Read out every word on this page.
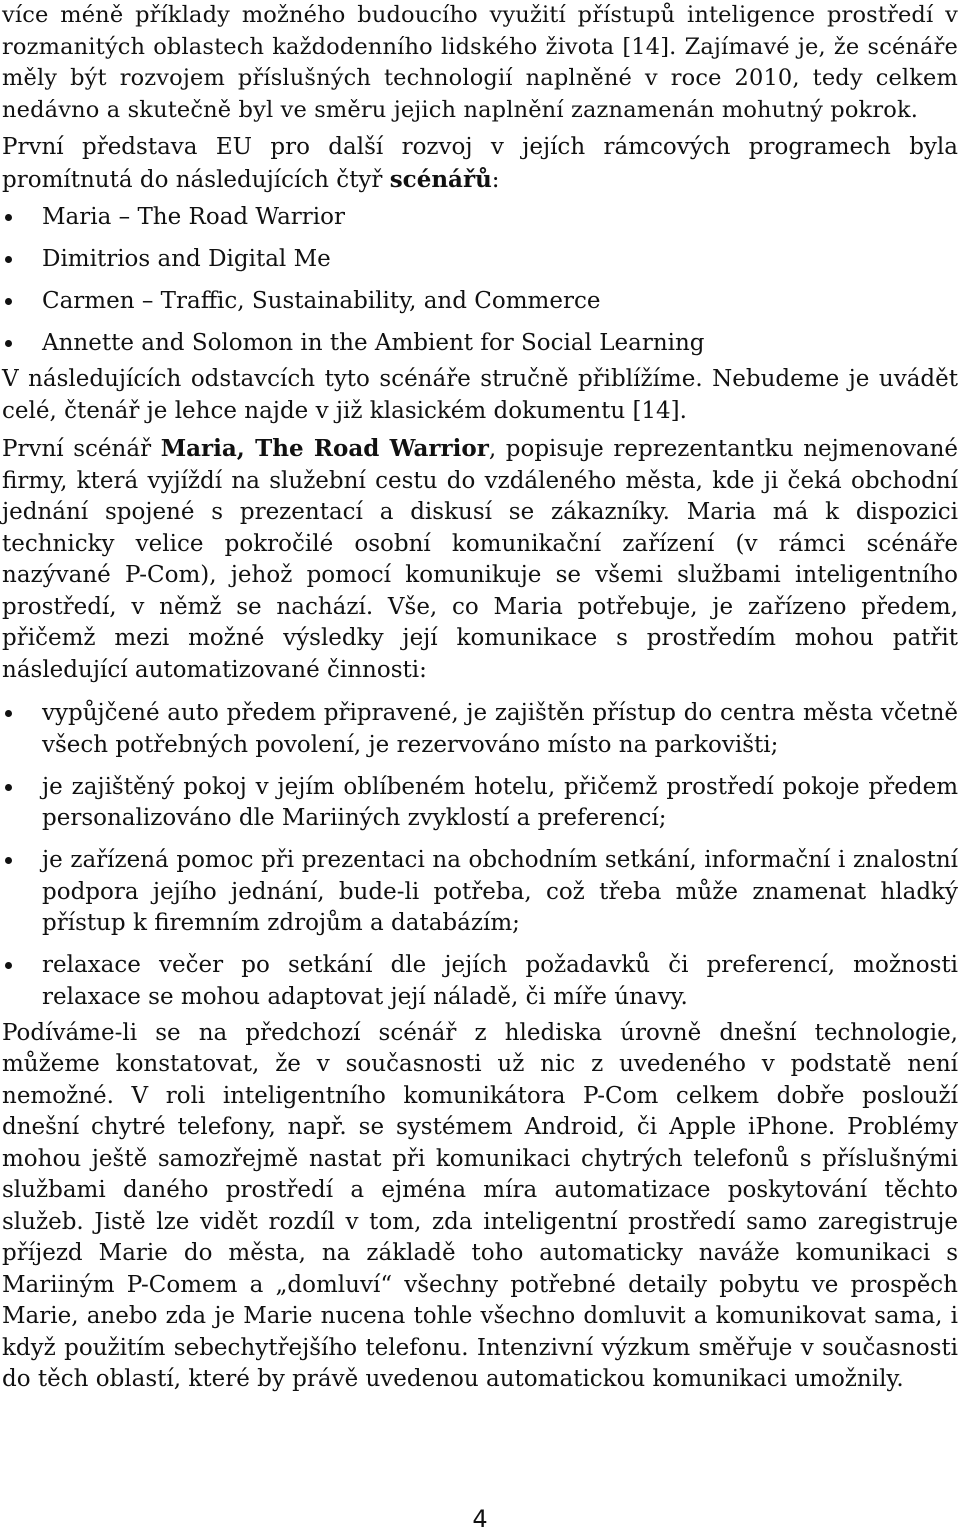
více méně příklady možného budoucího využití přístupů inteligence prostředí v rozmanitých oblastech každodenního lidského života [14]. Zajímavé je, že scénáře měly být rozvojem příslušných technologií naplněné v roce 2010, tedy celkem nedávno a skutečně byl ve směru jejich naplnění zaznamenán mohutný pokrok.

První představa EU pro další rozvoj v jejích rámcových programech byla promítnutá do následujících čtyř scénářů:

Maria – The Road Warrior
Dimitrios and Digital Me
Carmen – Traffic, Sustainability, and Commerce
Annette and Solomon in the Ambient for Social Learning

V následujících odstavcích tyto scénáře stručně přiblížíme. Nebudeme je uvádět celé, čtenář je lehce najde v již klasickém dokumentu [14].

První scénář Maria, The Road Warrior, popisuje reprezentantku nejmenované firmy, která vyjíždí na služební cestu do vzdáleného města, kde ji čeká obchodní jednání spojené s prezentací a diskusí se zákazníky. Maria má k dispozici technicky velice pokročilé osobní komunikační zařízení (v rámci scénáře nazývané P-Com), jehož pomocí komunikuje se všemi službami inteligentního prostředí, v němž se nachází. Vše, co Maria potřebuje, je zařízeno předem, přičemž mezi možné výsledky její komunikace s prostředím mohou patřit následující automatizované činnosti:

vypůjčené auto předem připravené, je zajištěn přístup do centra města včetně všech potřebných povolení, je rezervováno místo na parkovišti;
je zajištěný pokoj v jejím oblíbeném hotelu, přičemž prostředí pokoje předem personalizováno dle Mariiných zvyklostí a preferencí;
je zařízená pomoc při prezentaci na obchodním setkání, informační i znalostní podpora jejího jednání, bude-li potřeba, což třeba může znamenat hladký přístup k firemním zdrojům a databázím;
relaxace večer po setkání dle jejích požadavků či preferencí, možnosti relaxace se mohou adaptovat její náladě, či míře únavy.

Podíváme-li se na předchozí scénář z hlediska úrovně dnešní technologie, můžeme konstatovat, že v současnosti už nic z uvedeného v podstatě není nemožné. V roli inteligentního komunikátora P-Com celkem dobře poslouží dnešní chytré telefony, např. se systémem Android, či Apple iPhone. Problémy mohou ještě samozřejmě nastat při komunikaci chytrých telefonů s příslušnými službami daného prostředí a ejména míra automatizace poskytování těchto služeb. Jistě lze vidět rozdíl v tom, zda inteligentní prostředí samo zaregistruje příjezd Marie do města, na základě toho automaticky naváže komunikaci s Mariiným P-Comem a „domluví“ všechny potřebné detaily pobytu ve prospěch Marie, anebo zda je Marie nucena tohle všechno domluvit a komunikovat sama, i když použitím sebechytřejšího telefonu. Intenzivní výzkum směřuje v současnosti do těch oblastí, které by právě uvedenou automatickou komunikaci umožnily.

4
